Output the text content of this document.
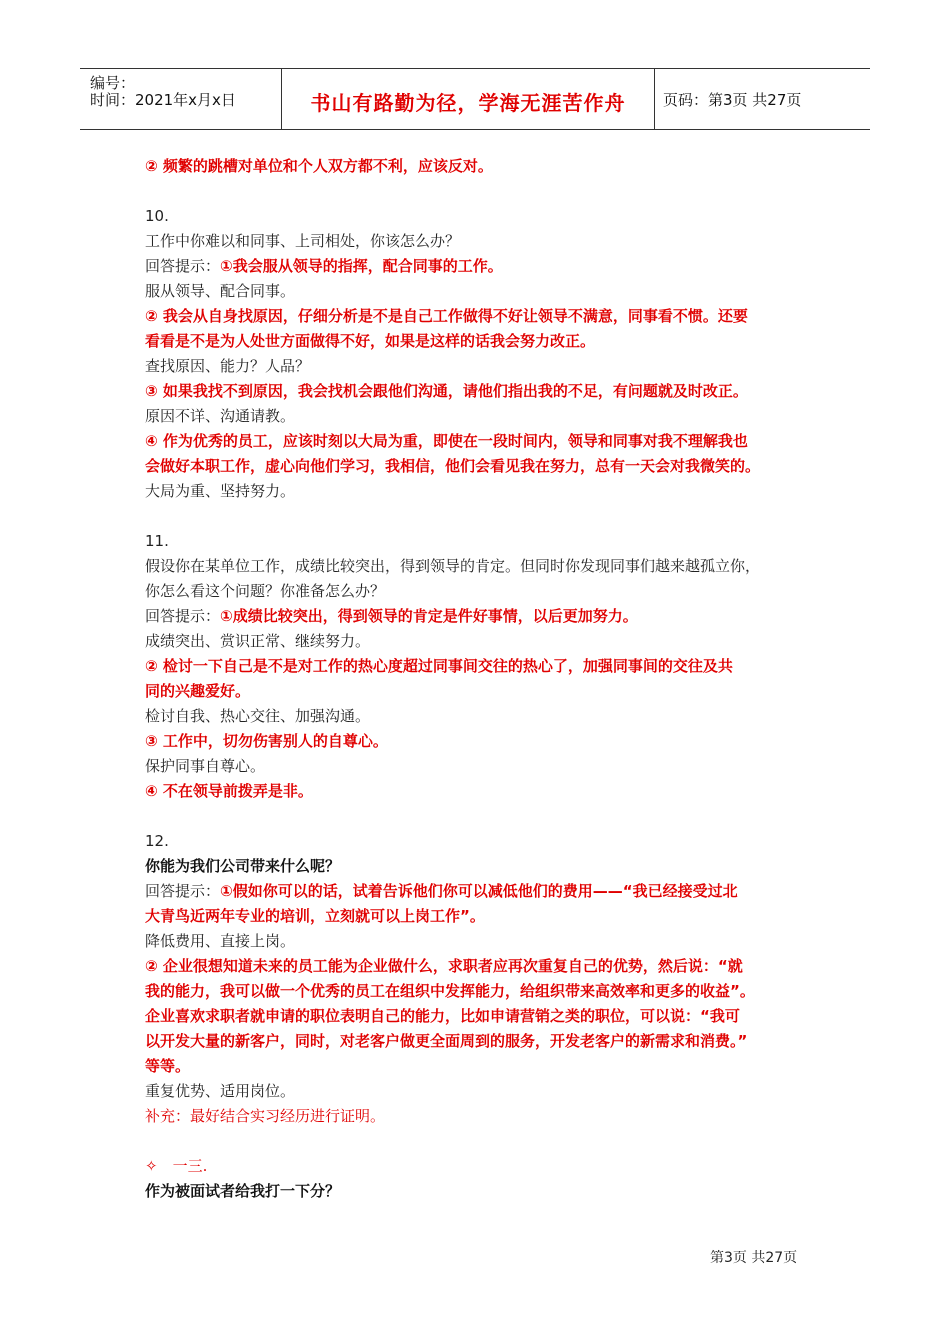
编号：
时间：2021年x月x日	书山有路勤为径，学海无涯苦作舟	页码：第3页 共27页
② 频繁的跳槽对单位和个人双方都不利，应该反对。
10.
工作中你难以和同事、上司相处，你该怎么办？
回答提示：①我会服从领导的指挥，配合同事的工作。
服从领导、配合同事。
② 我会从自身找原因，仔细分析是不是自己工作做得不好让领导不满意，同事看不惯。还要
看看是不是为人处世方面做得不好，如果是这样的话我会努力改正。
查找原因、能力？人品？
③ 如果我找不到原因，我会找机会跟他们沟通，请他们指出我的不足，有问题就及时改正。
原因不详、沟通请教。
④ 作为优秀的员工，应该时刻以大局为重，即使在一段时间内，领导和同事对我不理解我也
会做好本职工作，虚心向他们学习，我相信，他们会看见我在努力，总有一天会对我微笑的。
大局为重、坚持努力。
11.
假设你在某单位工作，成绩比较突出，得到领导的肯定。但同时你发现同事们越来越孤立你，
你怎么看这个问题？你准备怎么办？
回答提示：①成绩比较突出，得到领导的肯定是件好事情，以后更加努力。
成绩突出、赏识正常、继续努力。
② 检讨一下自己是不是对工作的热心度超过同事间交往的热心了，加强同事间的交往及共
同的兴趣爱好。
检讨自我、热心交往、加强沟通。
③ 工作中，切勿伤害别人的自尊心。
保护同事自尊心。
④ 不在领导前拨弄是非。
12.
你能为我们公司带来什么呢？
回答提示：①假如你可以的话，试着告诉他们你可以减低他们的费用——“我已经接受过北
大青鸟近两年专业的培训，立刻就可以上岗工作”。
降低费用、直接上岗。
② 企业很想知道未来的员工能为企业做什么，求职者应再次重复自己的优势，然后说：“就
我的能力，我可以做一个优秀的员工在组织中发挥能力，给组织带来高效率和更多的收益”。
企业喜欢求职者就申请的职位表明自己的能力，比如申请营销之类的职位，可以说：“我可
以开发大量的新客户，同时，对老客户做更全面周到的服务，开发老客户的新需求和消费。”
等等。
重复优势、适用岗位。
补充：最好结合实习经历进行证明。
✧　一三.
作为被面试者给我打一下分？
第3页 共27页
